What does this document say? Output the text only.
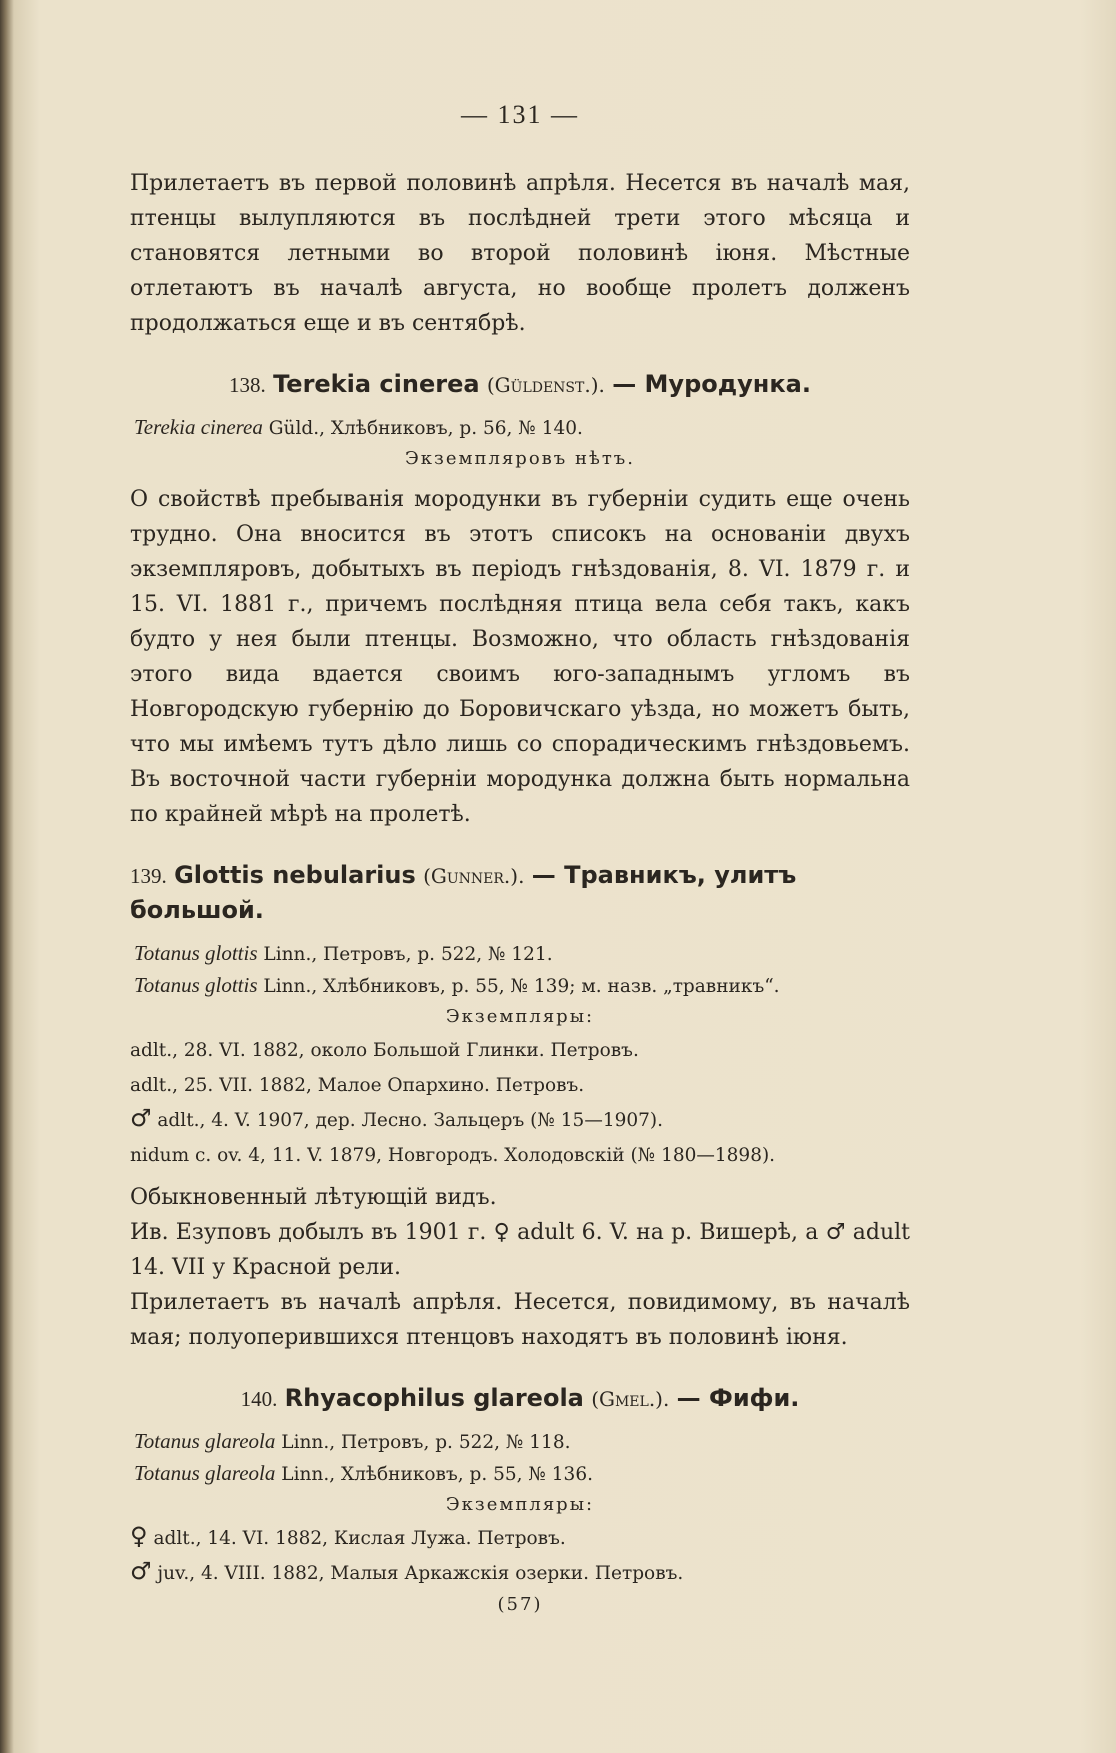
— 131 —

Прилетаетъ въ первой половинѣ апрѣля. Несется въ началѣ мая, птенцы вылупляются въ послѣдней трети этого мѣсяца и становятся летными во второй половинѣ іюня. Мѣстные отлетаютъ въ началѣ августа, но вообще пролетъ долженъ продолжаться еще и въ сентябрѣ.

138. Terekia cinerea (Güldenst.). — Муродунка.
Terekia cinerea Güld., Хлѣбниковъ, р. 56, № 140.
Экземпляровъ нѣтъ.

О свойствѣ пребыванія мородунки въ губерніи судить еще очень трудно. Она вносится въ этотъ списокъ на основаніи двухъ экземпляровъ, добытыхъ въ періодъ гнѣздованія, 8. VI. 1879 г. и 15. VI. 1881 г., причемъ послѣдняя птица вела себя такъ, какъ будто у нея были птенцы. Возможно, что область гнѣздованія этого вида вдается своимъ юго-западнымъ угломъ въ Новгородскую губернію до Боровичскаго уѣзда, но можетъ быть, что мы имѣемъ тутъ дѣло лишь со спорадическимъ гнѣздовьемъ. Въ восточной части губерніи мородунка должна быть нормальна по крайней мѣрѣ на пролетѣ.

139. Glottis nebularius (Gunner.). — Травникъ, улитъ большой.
Totanus glottis Linn., Петровъ, р. 522, № 121.
Totanus glottis Linn., Хлѣбниковъ, р. 55, № 139; м. назв. „травникъ“.
Экземпляры:
adlt., 28. VI. 1882, около Большой Глинки. Петровъ.
adlt., 25. VII. 1882, Малое Опархино. Петровъ.
♂ adlt., 4. V. 1907, дер. Лесно. Зальцеръ (№ 15—1907).
nidum c. ov. 4, 11. V. 1879, Новгородъ. Холодовскій (№ 180—1898).

Обыкновенный лѣтующій видъ.

Ив. Езуповъ добылъ въ 1901 г. ♀ adult 6. V. на р. Вишерѣ, а ♂ adult 14. VII у Красной рели.

Прилетаетъ въ началѣ апрѣля. Несется, повидимому, въ началѣ мая; полуоперившихся птенцовъ находятъ въ половинѣ іюня.

140. Rhyacophilus glareola (Gmel.). — Фифи.
Totanus glareola Linn., Петровъ, р. 522, № 118.
Totanus glareola Linn., Хлѣбниковъ, р. 55, № 136.
Экземпляры:
♀ adlt., 14. VI. 1882, Кислая Лужа. Петровъ.
♂ juv., 4. VIII. 1882, Малыя Аркажскія озерки. Петровъ.
(57)
